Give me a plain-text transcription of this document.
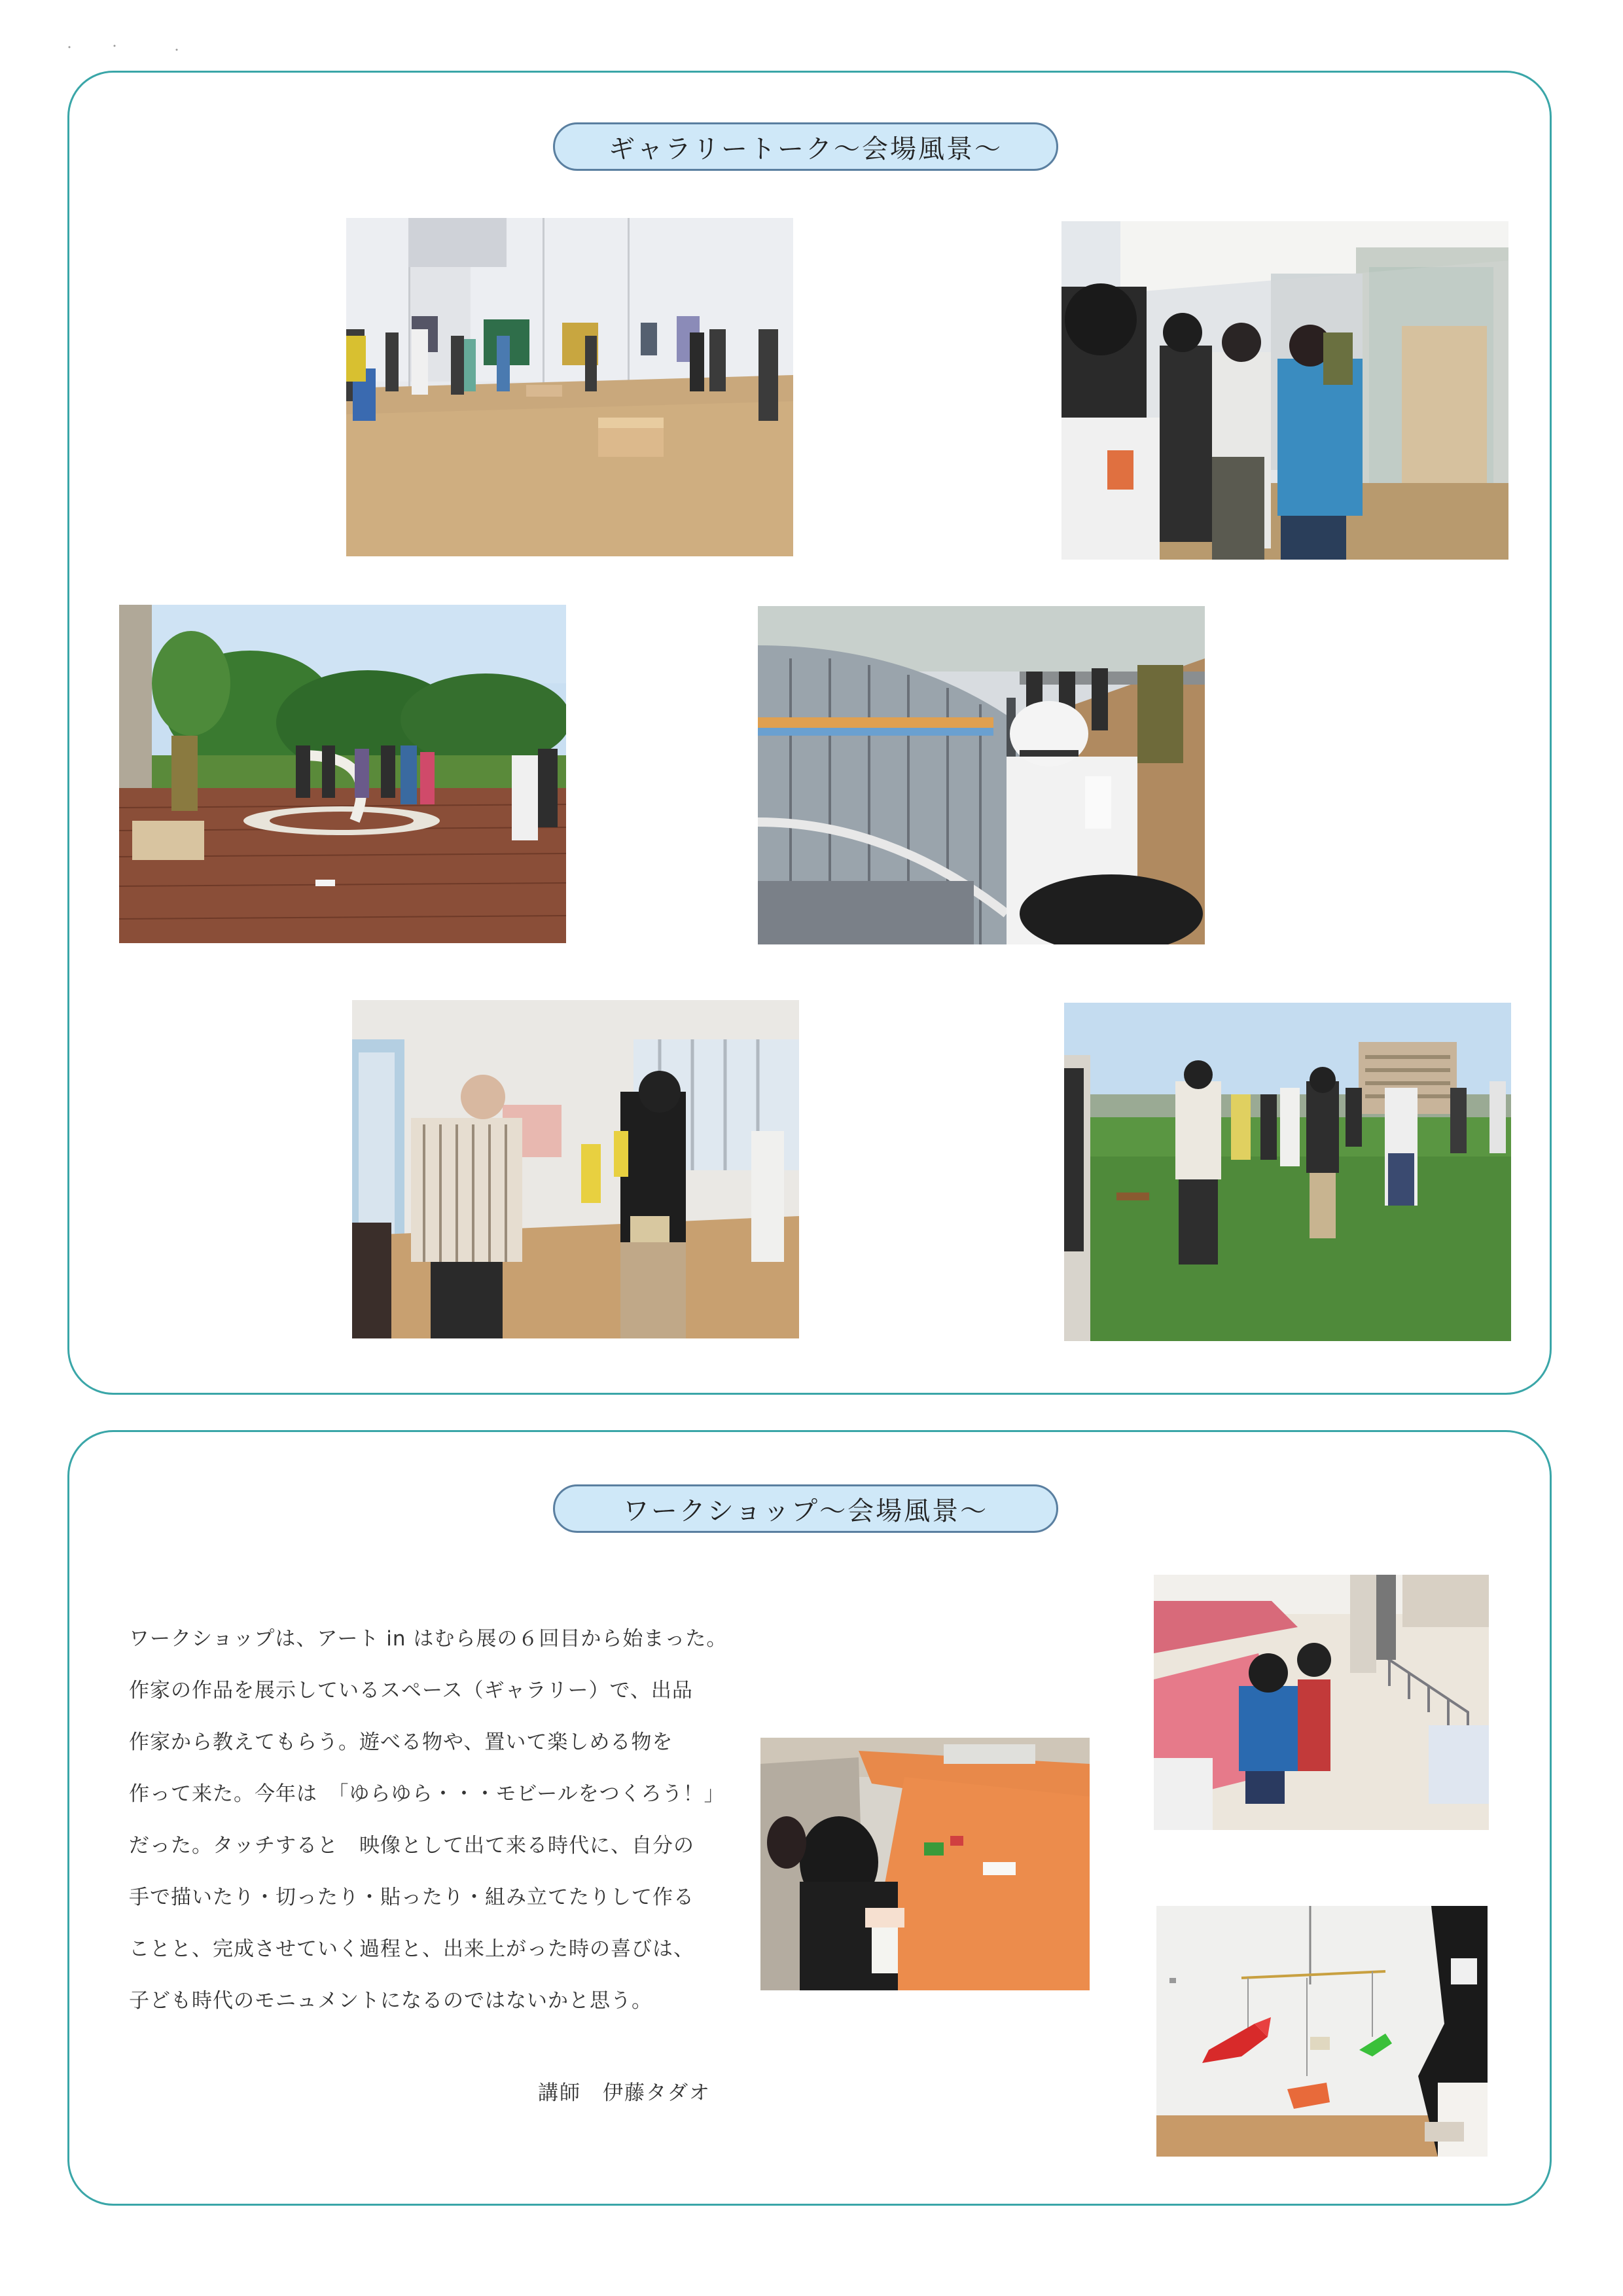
ギャラリートーク〜会場風景〜
ワークショップ〜会場風景〜

ワークショップは、アート in はむら展の６回目から始まった。

作家の作品を展示しているスペース（ギャラリー）で、出品

作家から教えてもらう。遊べる物や、置いて楽しめる物を

作って来た。今年は　「ゆらゆら・・・モビールをつくろう！」

だった。タッチすると　映像として出て来る時代に、自分の

手で描いたり・切ったり・貼ったり・組み立てたりして作る

ことと、完成させていく過程と、出来上がった時の喜びは、

子ども時代のモニュメントになるのではないかと思う。

講師　伊藤タダオ
